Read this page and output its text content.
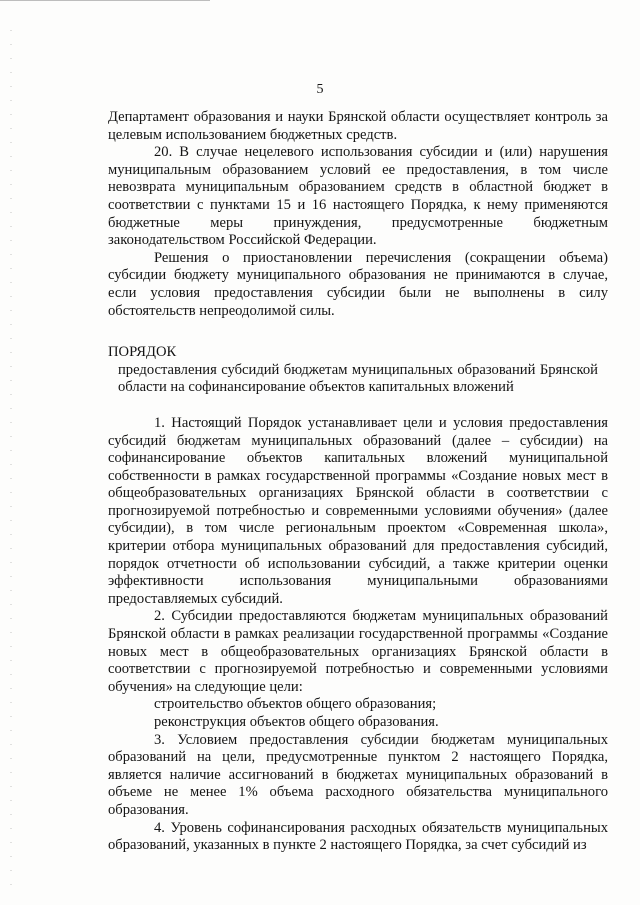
5

Департамент образования и науки Брянской области осуществляет контроль за целевым использованием бюджетных средств.

20. В случае нецелевого использования субсидии и (или) нарушения муниципальным образованием условий ее предоставления, в том числе невозврата муниципальным образованием средств в областной бюджет в соответствии с пунктами 15 и 16 настоящего Порядка, к нему применяются бюджетные меры принуждения, предусмотренные бюджетным законодательством Российской Федерации.

Решения о приостановлении перечисления (сокращении объема) субсидии бюджету муниципального образования не принимаются в случае, если условия предоставления субсидии были не выполнены в силу обстоятельств непреодолимой силы.

ПОРЯДОК

предоставления субсидий бюджетам муниципальных образований Брянской области на софинансирование объектов капитальных вложений

1. Настоящий Порядок устанавливает цели и условия предоставления субсидий бюджетам муниципальных образований (далее – субсидии) на софинансирование объектов капитальных вложений муниципальной собственности в рамках государственной программы «Создание новых мест в общеобразовательных организациях Брянской области в соответствии с прогнозируемой потребностью и современными условиями обучения» (далее субсидии), в том числе региональным проектом «Современная школа», критерии отбора муниципальных образований для предоставления субсидий, порядок отчетности об использовании субсидий, а также критерии оценки эффективности использования муниципальными образованиями предоставляемых субсидий.

2. Субсидии предоставляются бюджетам муниципальных образований Брянской области в рамках реализации государственной программы «Создание новых мест в общеобразовательных организациях Брянской области в соответствии с прогнозируемой потребностью и современными условиями обучения» на следующие цели:

строительство объектов общего образования;

реконструкция объектов общего образования.

3. Условием предоставления субсидии бюджетам муниципальных образований на цели, предусмотренные пунктом 2 настоящего Порядка, является наличие ассигнований в бюджетах муниципальных образований в объеме не менее 1% объема расходного обязательства муниципального образования.

4. Уровень софинансирования расходных обязательств муниципальных образований, указанных в пункте 2 настоящего Порядка, за счет субсидий из
